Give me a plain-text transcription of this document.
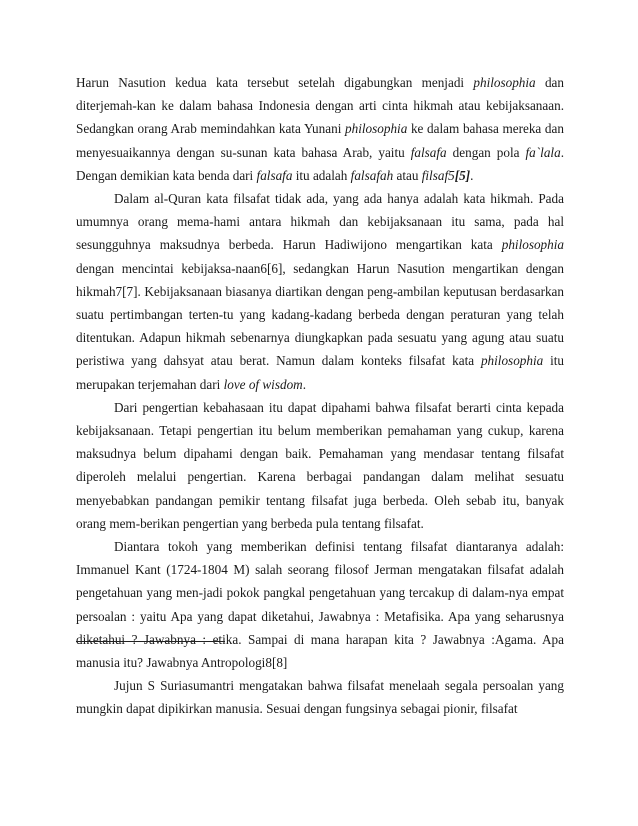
Harun Nasution kedua kata tersebut setelah digabungkan menjadi philosophia dan diterjemah-kan ke dalam bahasa Indonesia dengan arti cinta hikmah atau kebijaksanaan. Sedangkan orang Arab memindahkan kata Yunani philosophia ke dalam bahasa mereka dan menyesuaikannya dengan su-sunan kata bahasa Arab, yaitu falsafa dengan pola fa`lala. Dengan demikian kata benda dari falsafa itu adalah falsafah atau filsaf5[5].

Dalam al-Quran kata filsafat tidak ada, yang ada hanya adalah kata hikmah. Pada umumnya orang mema-hami antara hikmah dan kebijaksanaan itu sama, pada hal sesungguhnya maksudnya berbeda. Harun Hadiwijono mengartikan kata philosophia dengan mencintai kebijaksa-naan6[6], sedangkan Harun Nasution mengartikan dengan hikmah7[7]. Kebijaksanaan biasanya diartikan dengan peng-ambilan keputusan berdasarkan suatu pertimbangan terten-tu yang kadang-kadang berbeda dengan peraturan yang telah ditentukan. Adapun hikmah sebenarnya diungkapkan pada sesuatu yang agung atau suatu peristiwa yang dahsyat atau berat. Namun dalam konteks filsafat kata philosophia itu merupakan terjemahan dari love of wisdom.

Dari pengertian kebahasaan itu dapat dipahami bahwa filsafat berarti cinta kepada kebijaksanaan. Tetapi pengertian itu belum memberikan pemahaman yang cukup, karena maksudnya belum dipahami dengan baik. Pemahaman yang mendasar tentang filsafat diperoleh melalui pengertian. Karena berbagai pandangan dalam melihat sesuatu menyebabkan pandangan pemikir tentang filsafat juga berbeda. Oleh sebab itu, banyak orang mem-berikan pengertian yang berbeda pula tentang filsafat.

Diantara tokoh yang memberikan definisi tentang filsafat diantaranya adalah: Immanuel Kant (1724-1804 M) salah seorang filosof Jerman mengatakan filsafat adalah pengetahuan yang men-jadi pokok pangkal pengetahuan yang tercakup di dalam-nya empat persoalan : yaitu Apa yang dapat diketahui, Jawabnya : Metafisika. Apa yang seharusnya diketahui ? Jawabnya : etika. Sampai di mana harapan kita ? Jawabnya :Agama. Apa manusia itu? Jawabnya Antropologi8[8]

Jujun S Suriasumantri mengatakan bahwa filsafat menelaah segala persoalan yang mungkin dapat dipikirkan manusia. Sesuai dengan fungsinya sebagai pionir, filsafat
